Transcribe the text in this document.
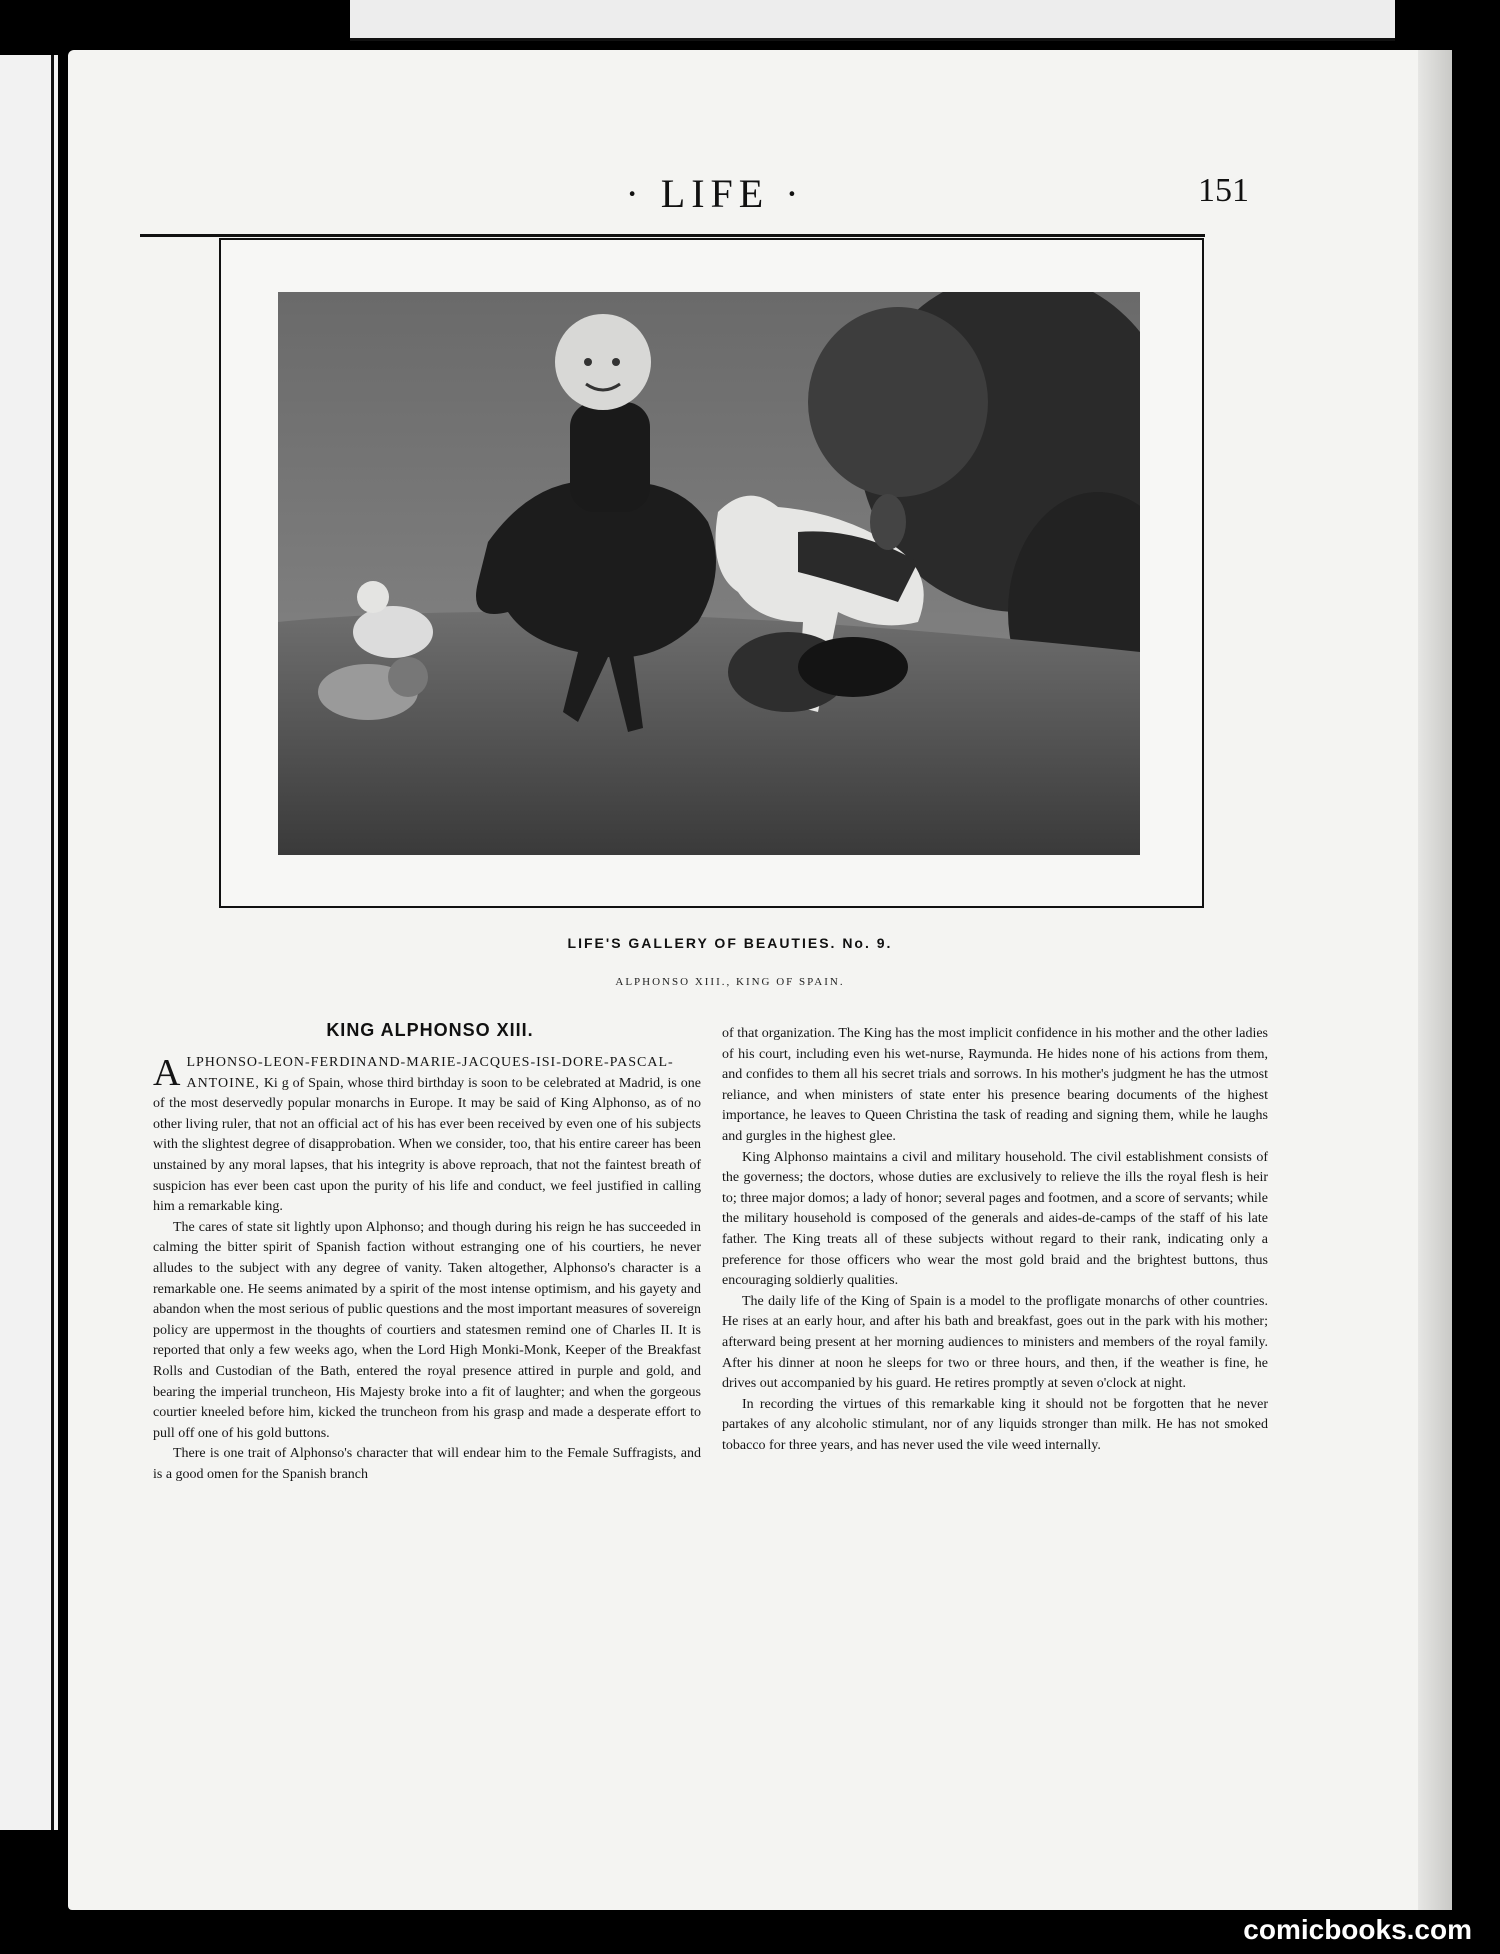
· LIFE ·	151
LIFE'S GALLERY OF BEAUTIES. No. 9.
ALPHONSO XIII., KING OF SPAIN.
KING ALPHONSO XIII.

ALPHONSO-LEON-FERDINAND-MARIE-JACQUES-ISI-DORE-PASCAL-ANTOINE, Ki g of Spain, whose third birthday is soon to be celebrated at Madrid, is one of the most deservedly popular monarchs in Europe. It may be said of King Alphonso, as of no other living ruler, that not an official act of his has ever been received by even one of his subjects with the slightest degree of disapprobation. When we consider, too, that his entire career has been unstained by any moral lapses, that his integrity is above reproach, that not the faintest breath of suspicion has ever been cast upon the purity of his life and conduct, we feel justified in calling him a remarkable king.

The cares of state sit lightly upon Alphonso; and though during his reign he has succeeded in calming the bitter spirit of Spanish faction without estranging one of his courtiers, he never alludes to the subject with any degree of vanity. Taken altogether, Alphonso's character is a remarkable one. He seems animated by a spirit of the most intense optimism, and his gayety and abandon when the most serious of public questions and the most important measures of sovereign policy are uppermost in the thoughts of courtiers and statesmen remind one of Charles II. It is reported that only a few weeks ago, when the Lord High Monki-Monk, Keeper of the Breakfast Rolls and Custodian of the Bath, entered the royal presence attired in purple and gold, and bearing the imperial truncheon, His Majesty broke into a fit of laughter; and when the gorgeous courtier kneeled before him, kicked the truncheon from his grasp and made a desperate effort to pull off one of his gold buttons.

There is one trait of Alphonso's character that will endear him to the Female Suffragists, and is a good omen for the Spanish branch

of that organization. The King has the most implicit confidence in his mother and the other ladies of his court, including even his wet-nurse, Raymunda. He hides none of his actions from them, and confides to them all his secret trials and sorrows. In his mother's judgment he has the utmost reliance, and when ministers of state enter his presence bearing documents of the highest importance, he leaves to Queen Christina the task of reading and signing them, while he laughs and gurgles in the highest glee.

King Alphonso maintains a civil and military household. The civil establishment consists of the governess; the doctors, whose duties are exclusively to relieve the ills the royal flesh is heir to; three major domos; a lady of honor; several pages and footmen, and a score of servants; while the military household is composed of the generals and aides-de-camps of the staff of his late father. The King treats all of these subjects without regard to their rank, indicating only a preference for those officers who wear the most gold braid and the brightest buttons, thus encouraging soldierly qualities.

The daily life of the King of Spain is a model to the profligate monarchs of other countries. He rises at an early hour, and after his bath and breakfast, goes out in the park with his mother; afterward being present at her morning audiences to ministers and members of the royal family. After his dinner at noon he sleeps for two or three hours, and then, if the weather is fine, he drives out accompanied by his guard. He retires promptly at seven o'clock at night.

In recording the virtues of this remarkable king it should not be forgotten that he never partakes of any alcoholic stimulant, nor of any liquids stronger than milk. He has not smoked tobacco for three years, and has never used the vile weed internally.

comicbooks.com
